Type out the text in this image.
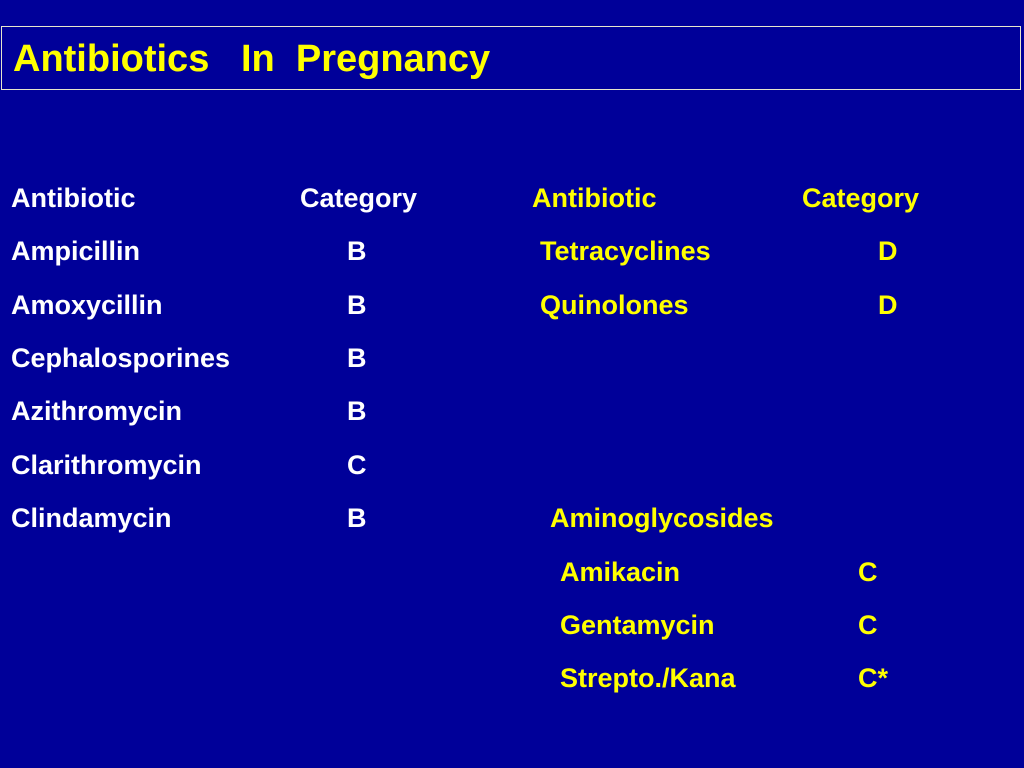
Antibiotics   In  Pregnancy
Antibiotic	Category
Ampicillin	B
Amoxycillin	B
Cephalosporines	B
Azithromycin	B
Clarithromycin	C
Clindamycin	B
Antibiotic	Category
Tetracyclines	D
Quinolones	D
Aminoglycosides
Amikacin	C
Gentamycin	C
Strepto./Kana	C*
